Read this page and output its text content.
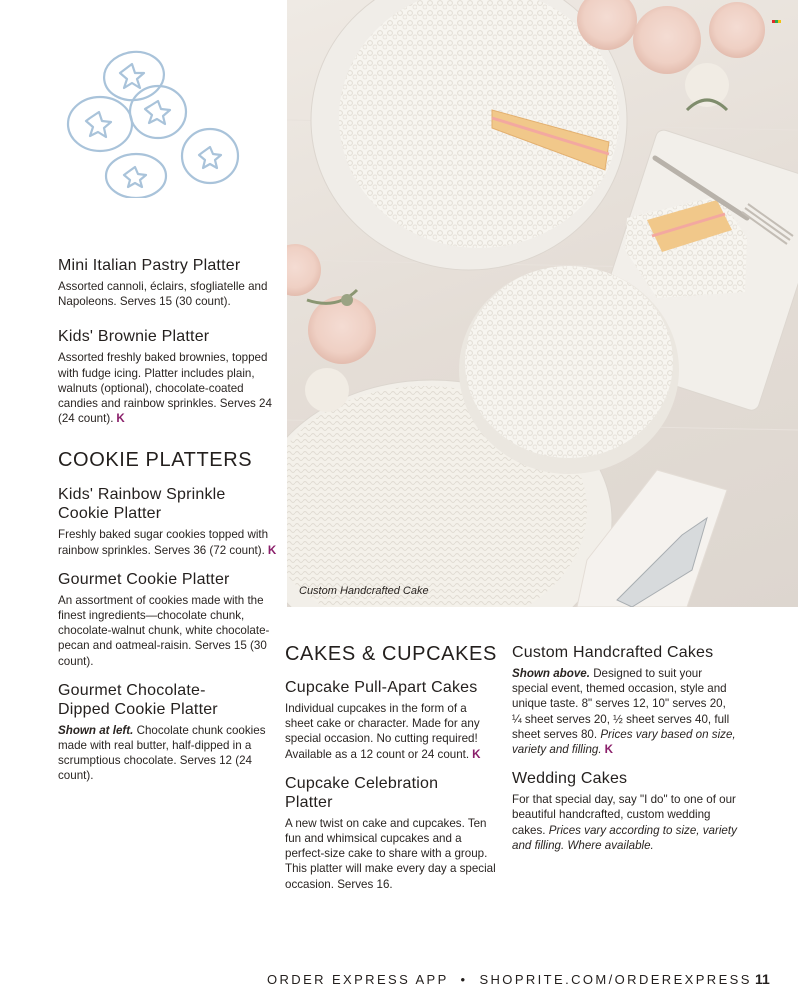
Mini Italian Pastry Platter

Assorted cannoli, éclairs, sfogliatelle and Napoleons. Serves 15 (30 count).

Kids' Brownie Platter

Assorted freshly baked brownies, topped with fudge icing. Platter includes plain, walnuts (optional), chocolate-coated candies and rainbow sprinkles. Serves 24 (24 count). K

COOKIE PLATTERS
Kids' Rainbow Sprinkle
Cookie Platter

Freshly baked sugar cookies topped with rainbow sprinkles. Serves 36 (72 count). K

Gourmet Cookie Platter

An assortment of cookies made with the finest ingredients—chocolate chunk, chocolate-walnut chunk, white chocolate-pecan and oatmeal-raisin. Serves 15 (30 count).

Gourmet Chocolate-
Dipped Cookie Platter

Shown at left. Chocolate chunk cookies made with real butter, half-dipped in a scrumptious chocolate. Serves 12 (24 count).

Custom Handcrafted Cake
CAKES & CUPCAKES
Cupcake Pull-Apart Cakes

Individual cupcakes in the form of a sheet cake or character. Made for any special occasion. No cutting required! Available as a 12 count or 24 count. K

Cupcake Celebration
Platter

A new twist on cake and cupcakes. Ten fun and whimsical cupcakes and a perfect-size cake to share with a group. This platter will make every day a special occasion. Serves 16.

Custom Handcrafted Cakes

Shown above. Designed to suit your special event, themed occasion, style and unique taste. 8" serves 12, 10" serves 20, ¼ sheet serves 20, ½ sheet serves 40, full sheet serves 80. Prices vary based on size, variety and filling. K

Wedding Cakes

For that special day, say "I do" to one of our beautiful handcrafted, custom wedding cakes. Prices vary according to size, variety and filling. Where available.

ORDER EXPRESS APP  •  SHOPRITE.COM/ORDEREXPRESS 11
